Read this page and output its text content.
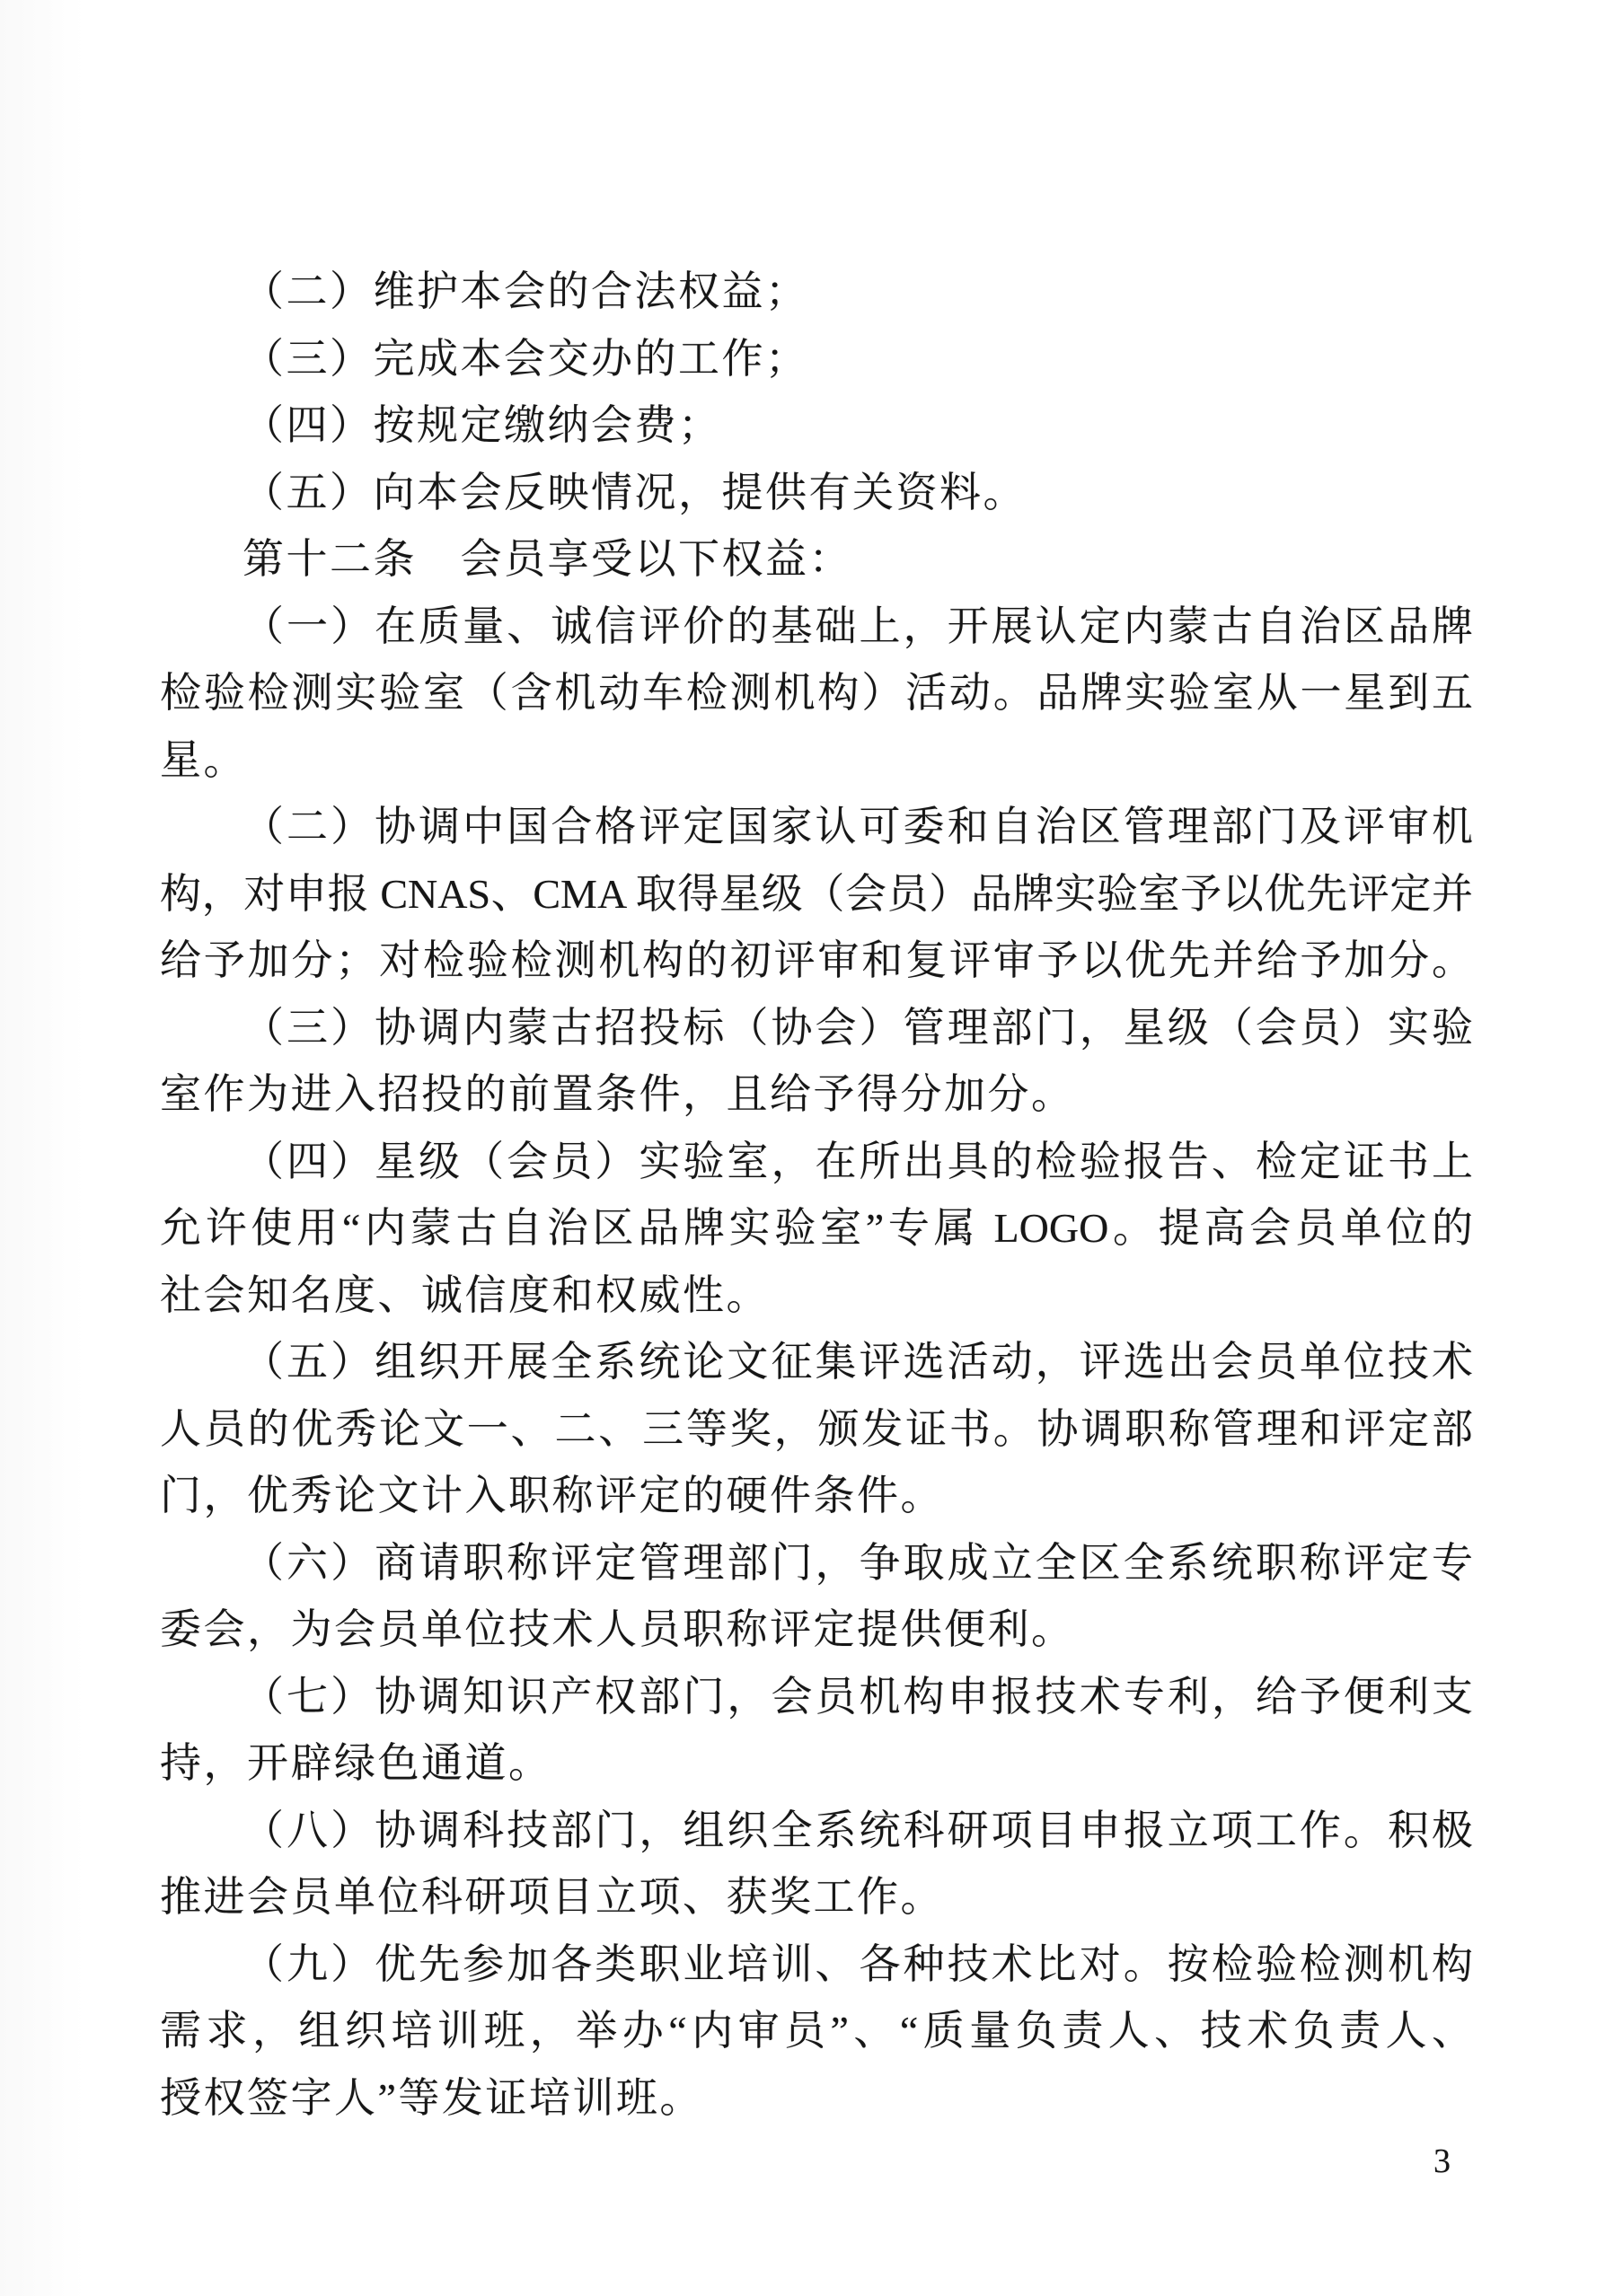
（二）维护本会的合法权益；
（三）完成本会交办的工作；
（四）按规定缴纳会费；
（五）向本会反映情况，提供有关资料。
第十二条　会员享受以下权益：
（一）在质量、诚信评价的基础上，开展认定内蒙古自治区品牌
检验检测实验室（含机动车检测机构）活动。品牌实验室从一星到五
星。
（二）协调中国合格评定国家认可委和自治区管理部门及评审机
构，对申报 CNAS、CMA 取得星级（会员）品牌实验室予以优先评定并
给予加分；对检验检测机构的初评审和复评审予以优先并给予加分。
（三）协调内蒙古招投标（协会）管理部门，星级（会员）实验
室作为进入招投的前置条件，且给予得分加分。
（四）星级（会员）实验室，在所出具的检验报告、检定证书上
允许使用“内蒙古自治区品牌实验室”专属 LOGO。提高会员单位的
社会知名度、诚信度和权威性。
（五）组织开展全系统论文征集评选活动，评选出会员单位技术
人员的优秀论文一、二、三等奖，颁发证书。协调职称管理和评定部
门，优秀论文计入职称评定的硬件条件。
（六）商请职称评定管理部门，争取成立全区全系统职称评定专
委会，为会员单位技术人员职称评定提供便利。
（七）协调知识产权部门，会员机构申报技术专利，给予便利支
持，开辟绿色通道。
（八）协调科技部门，组织全系统科研项目申报立项工作。积极
推进会员单位科研项目立项、获奖工作。
（九）优先参加各类职业培训、各种技术比对。按检验检测机构
需求，组织培训班，举办“内审员”、“质量负责人、技术负责人、
授权签字人”等发证培训班。
3
